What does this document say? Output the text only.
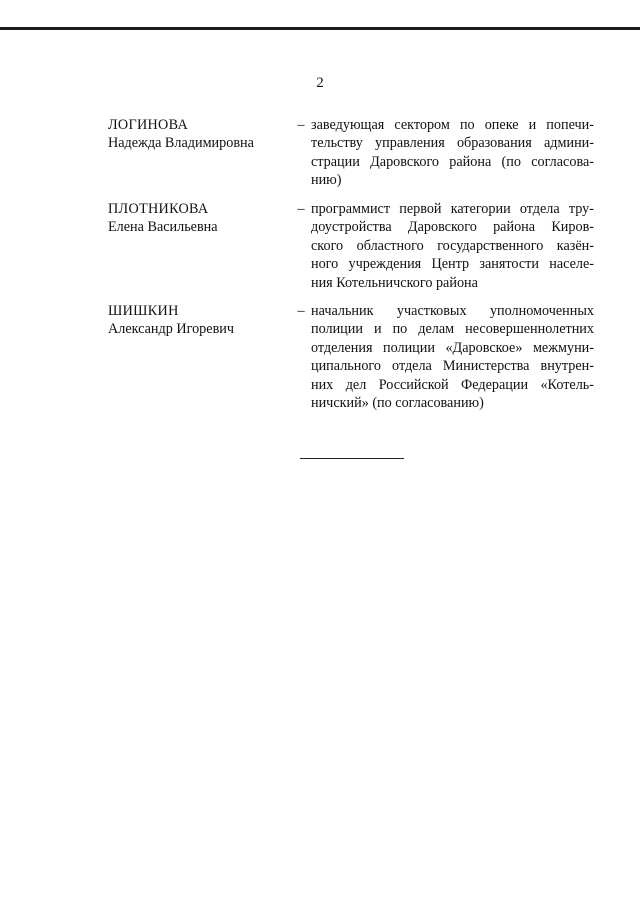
2
ЛОГИНОВА
Надежда Владимировна
– заведующая сектором по опеке и попечи-
тельству управления образования админи-
страции Даровского района (по согласова-
нию)
ПЛОТНИКОВА
Елена Васильевна
– программист первой категории отдела тру-
доустройства Даровского района Киров-
ского областного государственного казён-
ного учреждения Центр занятости населе-
ния Котельничского района
ШИШКИН
Александр Игоревич
– начальник участковых уполномоченных
полиции и по делам несовершеннолетних
отделения полиции «Даровское» межмуни-
ципального отдела Министерства внутрен-
них дел Российской Федерации «Котель-
ничский» (по согласованию)
